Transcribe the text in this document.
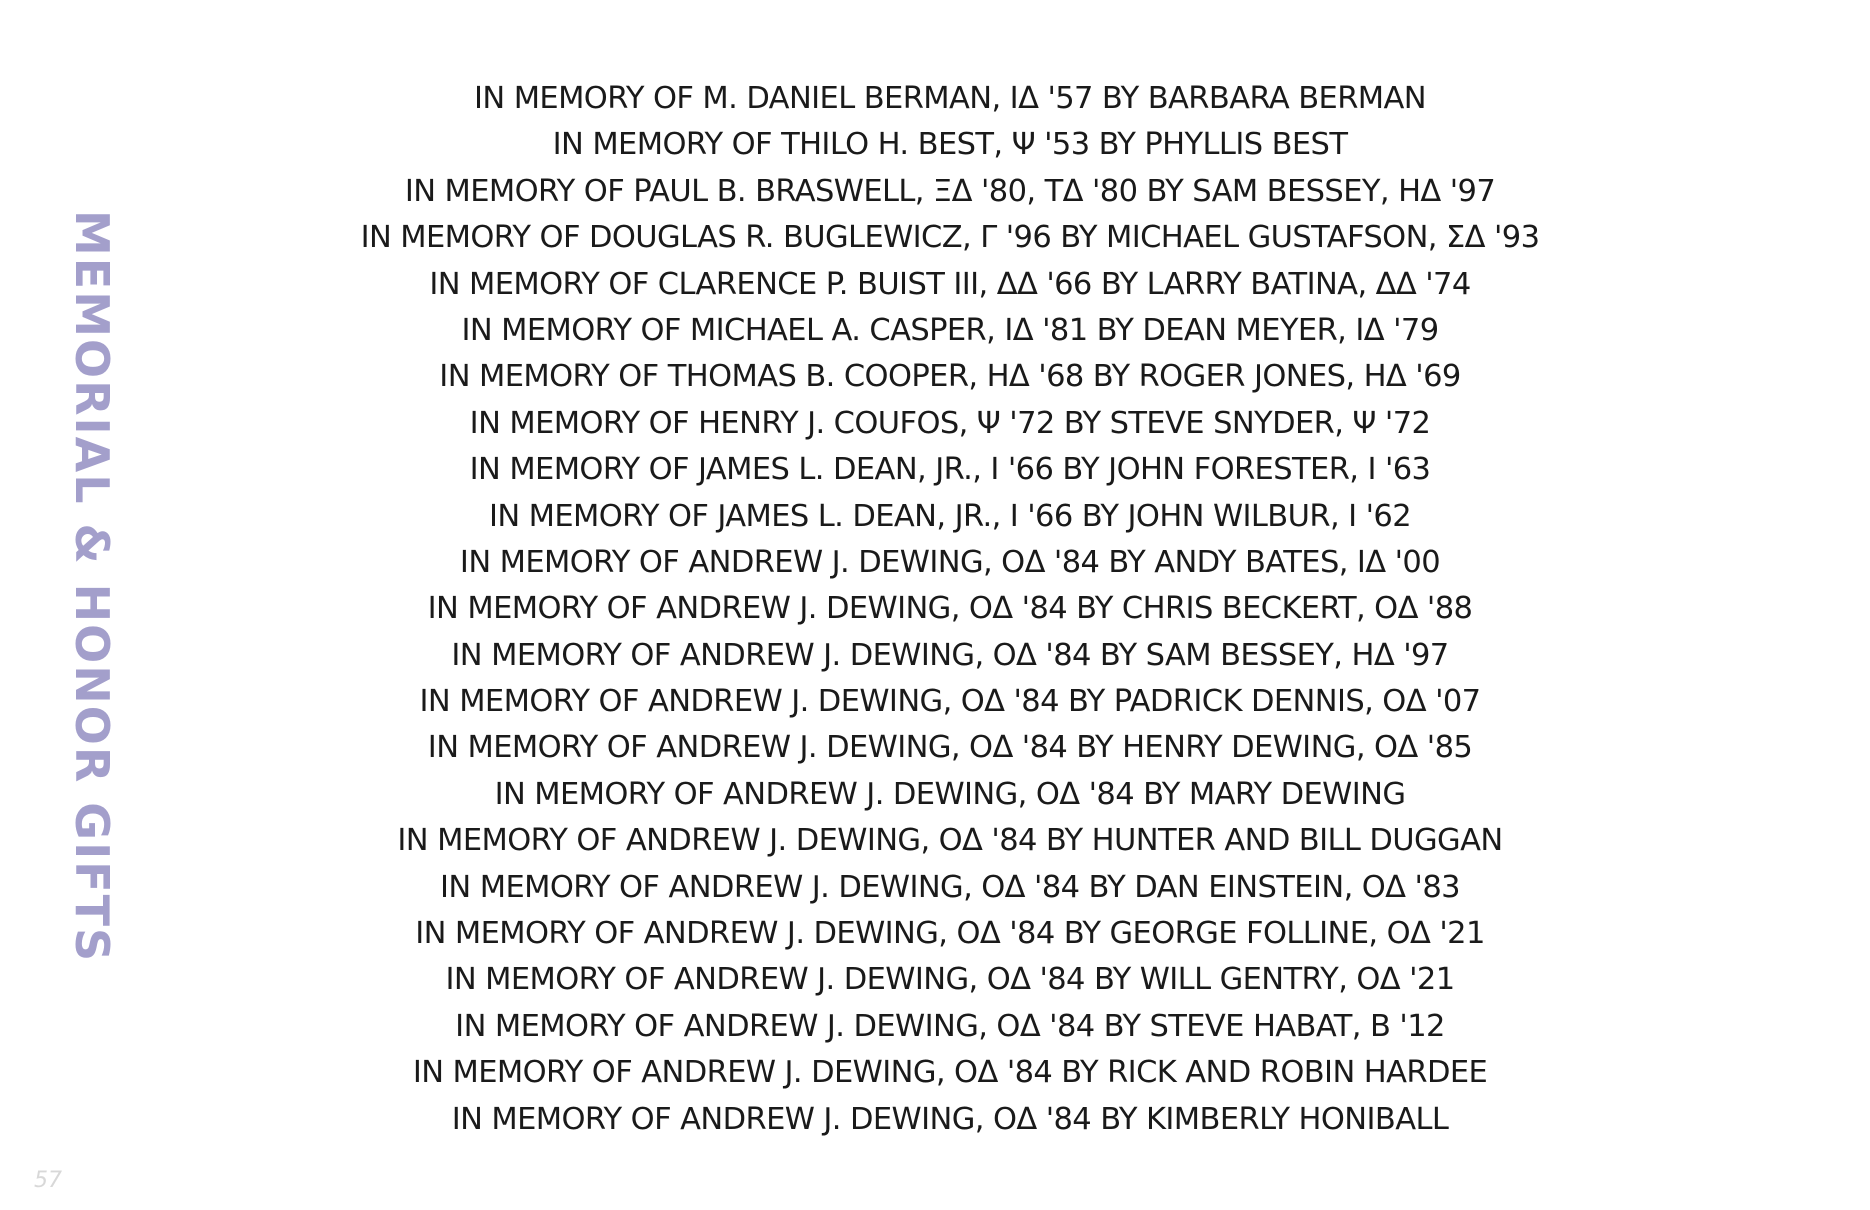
MEMORIAL & HONOR GIFTS
IN MEMORY OF M. DANIEL BERMAN, IΔ '57 BY BARBARA BERMAN
IN MEMORY OF THILO H. BEST, Ψ '53 BY PHYLLIS BEST
IN MEMORY OF PAUL B. BRASWELL, ΞΔ '80, TΔ '80 BY SAM BESSEY, HΔ '97
IN MEMORY OF DOUGLAS R. BUGLEWICZ, Γ '96 BY MICHAEL GUSTAFSON, ΣΔ '93
IN MEMORY OF CLARENCE P. BUIST III, ΔΔ '66 BY LARRY BATINA, ΔΔ '74
IN MEMORY OF MICHAEL A. CASPER, IΔ '81 BY DEAN MEYER, IΔ '79
IN MEMORY OF THOMAS B. COOPER, HΔ '68 BY ROGER JONES, HΔ '69
IN MEMORY OF HENRY J. COUFOS, Ψ '72 BY STEVE SNYDER, Ψ '72
IN MEMORY OF JAMES L. DEAN, JR., I '66 BY JOHN FORESTER, I '63
IN MEMORY OF JAMES L. DEAN, JR., I '66 BY JOHN WILBUR, I '62
IN MEMORY OF ANDREW J. DEWING, OΔ '84 BY ANDY BATES, IΔ '00
IN MEMORY OF ANDREW J. DEWING, OΔ '84 BY CHRIS BECKERT, OΔ '88
IN MEMORY OF ANDREW J. DEWING, OΔ '84 BY SAM BESSEY, HΔ '97
IN MEMORY OF ANDREW J. DEWING, OΔ '84 BY PADRICK DENNIS, OΔ '07
IN MEMORY OF ANDREW J. DEWING, OΔ '84 BY HENRY DEWING, OΔ '85
IN MEMORY OF ANDREW J. DEWING, OΔ '84 BY MARY DEWING
IN MEMORY OF ANDREW J. DEWING, OΔ '84 BY HUNTER AND BILL DUGGAN
IN MEMORY OF ANDREW J. DEWING, OΔ '84 BY DAN EINSTEIN, OΔ '83
IN MEMORY OF ANDREW J. DEWING, OΔ '84 BY GEORGE FOLLINE, OΔ '21
IN MEMORY OF ANDREW J. DEWING, OΔ '84 BY WILL GENTRY, OΔ '21
IN MEMORY OF ANDREW J. DEWING, OΔ '84 BY STEVE HABAT, B '12
IN MEMORY OF ANDREW J. DEWING, OΔ '84 BY RICK AND ROBIN HARDEE
IN MEMORY OF ANDREW J. DEWING, OΔ '84 BY KIMBERLY HONIBALL
57
